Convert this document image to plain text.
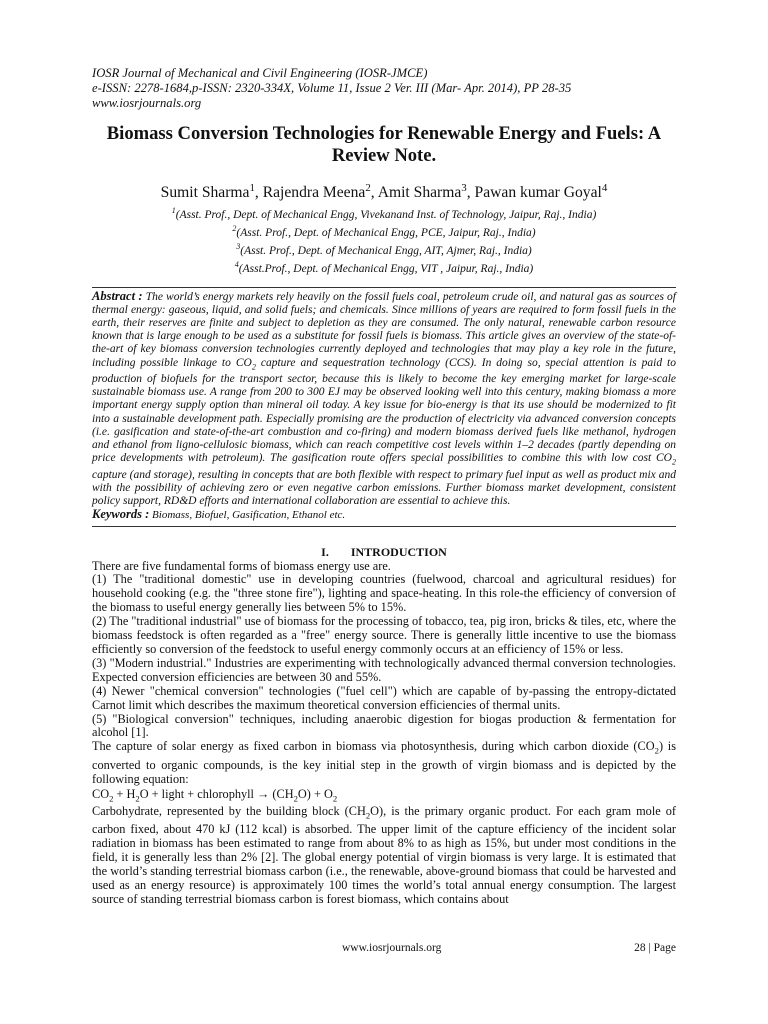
IOSR Journal of Mechanical and Civil Engineering (IOSR-JMCE)
e-ISSN: 2278-1684,p-ISSN: 2320-334X, Volume 11, Issue 2 Ver. III (Mar- Apr. 2014), PP 28-35
www.iosrjournals.org
Biomass Conversion Technologies for Renewable Energy and Fuels: A Review Note.
Sumit Sharma$^1$, Rajendra Meena$^2$, Amit Sharma$^3$, Pawan kumar Goyal$^4$
$^1$(Asst. Prof., Dept. of Mechanical Engg, Vivekanand Inst. of Technology, Jaipur, Raj., India)
$^2$(Asst. Prof., Dept. of Mechanical Engg, PCE, Jaipur, Raj., India)
$^3$(Asst. Prof., Dept. of Mechanical Engg, AIT, Ajmer, Raj., India)
$^4$(Asst.Prof., Dept. of Mechanical Engg, VIT , Jaipur, Raj., India)
Abstract : The world’s energy markets rely heavily on the fossil fuels coal, petroleum crude oil, and natural gas as sources of thermal energy: gaseous, liquid, and solid fuels; and chemicals. Since millions of years are required to form fossil fuels in the earth, their reserves are finite and subject to depletion as they are consumed. The only natural, renewable carbon resource known that is large enough to be used as a substitute for fossil fuels is biomass. This article gives an overview of the state-of-the-art of key biomass conversion technologies currently deployed and technologies that may play a key role in the future, including possible linkage to $CO_2$ capture and sequestration technology (CCS). In doing so, special attention is paid to production of biofuels for the transport sector, because this is likely to become the key emerging market for large-scale sustainable biomass use. A range from 200 to 300 EJ may be observed looking well into this century, making biomass a more important energy supply option than mineral oil today. A key issue for bio-energy is that its use should be modernized to fit into a sustainable development path. Especially promising are the production of electricity via advanced conversion concepts (i.e. gasification and state-of-the-art combustion and co-firing) and modern biomass derived fuels like methanol, hydrogen and ethanol from ligno-cellulosic biomass, which can reach competitive cost levels within 1–2 decades (partly depending on price developments with petroleum). The gasification route offers special possibilities to combine this with low cost $CO_2$ capture (and storage), resulting in concepts that are both flexible with respect to primary fuel input as well as product mix and with the possibility of achieving zero or even negative carbon emissions. Further biomass market development, consistent policy support, RD&D efforts and international collaboration are essential to achieve this.
Keywords : Biomass, Biofuel, Gasification, Ethanol etc.
I. INTRODUCTION

There are five fundamental forms of biomass energy use are.

(1) The "traditional domestic" use in developing countries (fuelwood, charcoal and agricultural residues) for household cooking (e.g. the "three stone fire"), lighting and space-heating. In this role-the efficiency of conversion of the biomass to useful energy generally lies between 5% to 15%.

(2) The "traditional industrial" use of biomass for the processing of tobacco, tea, pig iron, bricks & tiles, etc, where the biomass feedstock is often regarded as a "free" energy source. There is generally little incentive to use the biomass efficiently so conversion of the feedstock to useful energy commonly occurs at an efficiency of 15% or less.

(3) "Modern industrial." Industries are experimenting with technologically advanced thermal conversion technologies. Expected conversion efficiencies are between 30 and 55%.

(4) Newer "chemical conversion" technologies ("fuel cell") which are capable of by-passing the entropy-dictated Carnot limit which describes the maximum theoretical conversion efficiencies of thermal units.

(5) "Biological conversion" techniques, including anaerobic digestion for biogas production & fermentation for alcohol [1].

The capture of solar energy as fixed carbon in biomass via photosynthesis, during which carbon dioxide $(CO_2)$ is converted to organic compounds, is the key initial step in the growth of virgin biomass and is depicted by the following equation:

$CO_2 + H_2O$ + light + chlorophyll → $(CH_2O) + O_2$

Carbohydrate, represented by the building block $(CH_2O)$, is the primary organic product. For each gram mole of carbon fixed, about 470 kJ (112 kcal) is absorbed. The upper limit of the capture efficiency of the incident solar radiation in biomass has been estimated to range from about 8% to as high as 15%, but under most conditions in the field, it is generally less than 2% [2]. The global energy potential of virgin biomass is very large. It is estimated that the world’s standing terrestrial biomass carbon (i.e., the renewable, above-ground biomass that could be harvested and used as an energy resource) is approximately 100 times the world’s total annual energy consumption. The largest source of standing terrestrial biomass carbon is forest biomass, which contains about

www.iosrjournals.org	28 | Page
